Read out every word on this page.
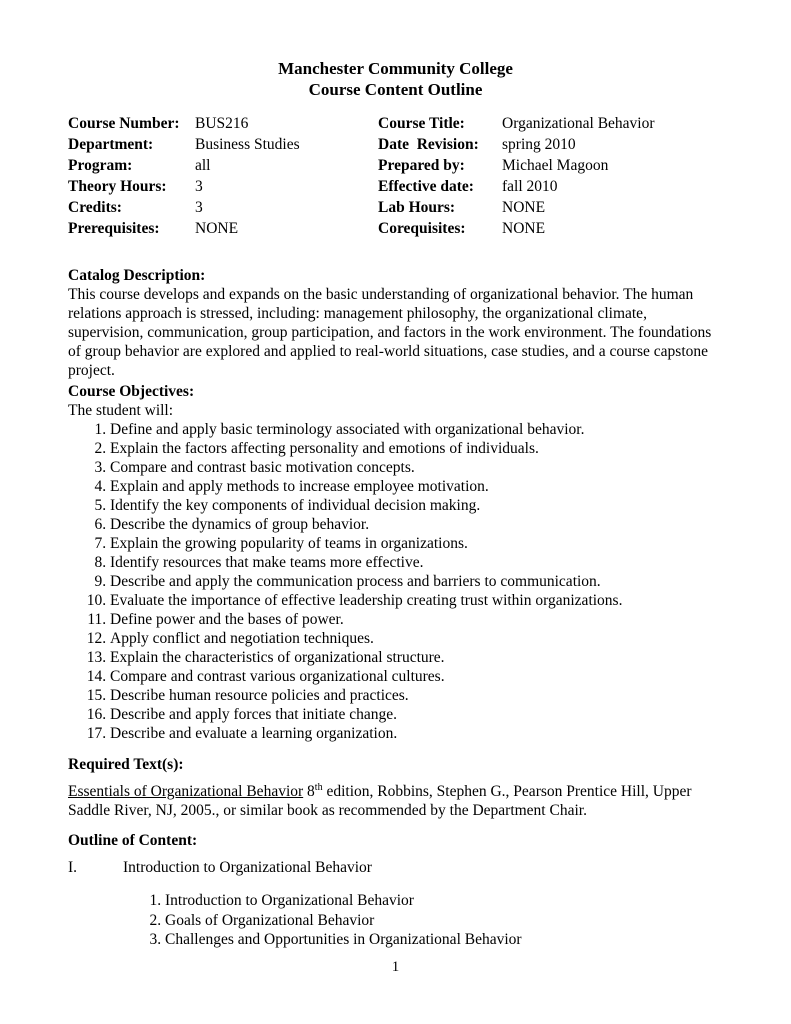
Manchester Community College
Course Content Outline
Course Number:	BUS216	Course Title:	Organizational Behavior
Department:	Business Studies	Date  Revision:	spring 2010
Program:	all	Prepared by:	Michael Magoon
Theory Hours:	3	Effective date:	fall 2010
Credits:	3	Lab Hours:	NONE
Prerequisites:	NONE	Corequisites:	NONE
Catalog Description:

This course develops and expands on the basic understanding of organizational behavior. The human relations approach is stressed, including: management philosophy, the organizational climate, supervision, communication, group participation, and factors in the work environment. The foundations of group behavior are explored and applied to real-world situations, case studies, and a course capstone project.

Course Objectives:
The student will:
1. Define and apply basic terminology associated with organizational behavior.
2. Explain the factors affecting personality and emotions of individuals.
3. Compare and contrast basic motivation concepts.
4. Explain and apply methods to increase employee motivation.
5. Identify the key components of individual decision making.
6. Describe the dynamics of group behavior.
7. Explain the growing popularity of teams in organizations.
8. Identify resources that make teams more effective.
9. Describe and apply the communication process and barriers to communication.
10. Evaluate the importance of effective leadership creating trust within organizations.
11. Define power and the bases of power.
12. Apply conflict and negotiation techniques.
13. Explain the characteristics of organizational structure.
14. Compare and contrast various organizational cultures.
15. Describe human resource policies and practices.
16. Describe and apply forces that initiate change.
17. Describe and evaluate a learning organization.
Required Text(s):

Essentials of Organizational Behavior 8th edition, Robbins, Stephen G., Pearson Prentice Hill, Upper Saddle River, NJ, 2005., or similar book as recommended by the Department Chair.

Outline of Content:
I.	Introduction to Organizational Behavior
1. Introduction to Organizational Behavior
2. Goals of Organizational Behavior
3. Challenges and Opportunities in Organizational Behavior
1
